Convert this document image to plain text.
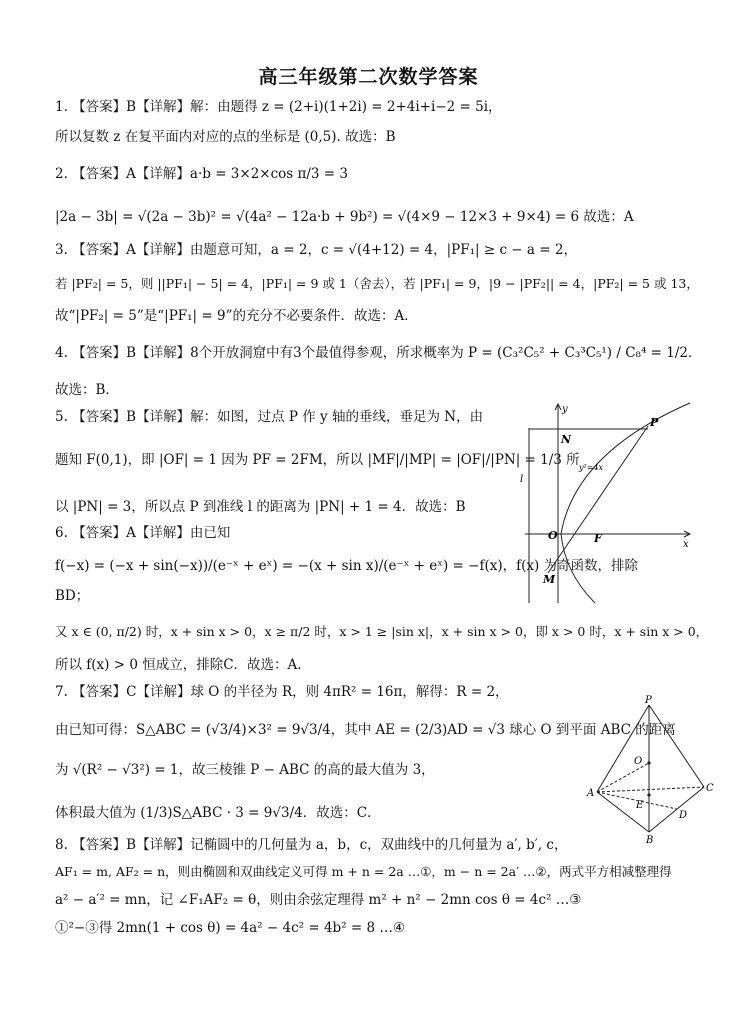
高三年级第二次数学答案
1. 【答案】B【详解】解：由题得 z = (2+i)(1+2i) = 2+4i+i−2 = 5i，
所以复数 z 在复平面内对应的点的坐标是 (0,5). 故选：B
2. 【答案】A【详解】a·b = 3×2×cos π/3 = 3
|2a − 3b| = √(2a − 3b)² = √(4a² − 12a·b + 9b²) = √(4×9 − 12×3 + 9×4) = 6 故选：A
3. 【答案】A【详解】由题意可知，a = 2，c = √(4+12) = 4，|PF₁| ≥ c − a = 2，
若 |PF₂| = 5，则 ||PF₁| − 5| = 4，|PF₁| = 9 或 1（舍去），若 |PF₁| = 9，|9 − |PF₂|| = 4，|PF₂| = 5 或 13，
故“|PF₂| = 5”是“|PF₁| = 9”的充分不必要条件．故选：A．
4. 【答案】B【详解】8个开放洞窟中有3个最值得参观，所求概率为 P = (C₃²C₅² + C₃³C₅¹) / C₈⁴ = 1/2．
故选：B．
5. 【答案】B【详解】解：如图，过点 P 作 y 轴的垂线，垂足为 N，由
题知 F(0,1)，即 |OF| = 1 因为 PF = 2FM，所以 |MF|/|MP| = |OF|/|PN| = 1/3 所
以 |PN| = 3，所以点 P 到准线 l 的距离为 |PN| + 1 = 4．故选：B
6. 【答案】A【详解】由已知
f(−x) = (−x + sin(−x))/(e⁻ˣ + eˣ) = −(x + sin x)/(e⁻ˣ + eˣ) = −f(x)，f(x) 为奇函数，排除
BD；
又 x ∈ (0, π/2) 时，x + sin x > 0，x ≥ π/2 时，x > 1 ≥ |sin x|，x + sin x > 0，即 x > 0 时，x + sin x > 0，
所以 f(x) > 0 恒成立，排除C．故选：A．
7. 【答案】C【详解】球 O 的半径为 R，则 4πR² = 16π，解得：R = 2，
由已知可得：S△ABC = (√3/4)×3² = 9√3/4，其中 AE = (2/3)AD = √3 球心 O 到平面 ABC 的距离
为 √(R² − √3²) = 1，故三棱锥 P − ABC 的高的最大值为 3，
体积最大值为 (1/3)S△ABC · 3 = 9√3/4．故选：C．
8. 【答案】B【详解】记椭圆中的几何量为 a，b，c，双曲线中的几何量为 a′, b′, c，
AF₁ = m, AF₂ = n，则由椭圆和双曲线定义可得 m + n = 2a …①，m − n = 2a′ …②，两式平方相减整理得
a² − a′² = mn，记 ∠F₁AF₂ = θ，则由余弦定理得 m² + n² − 2mn cos θ = 4c² …③
①²−③得 2mn(1 + cos θ) = 4a² − 4c² = 4b² = 8 …④
y
x
P
N
l
y²=4x
O	F
M
P
O
A
E
C
D
B
